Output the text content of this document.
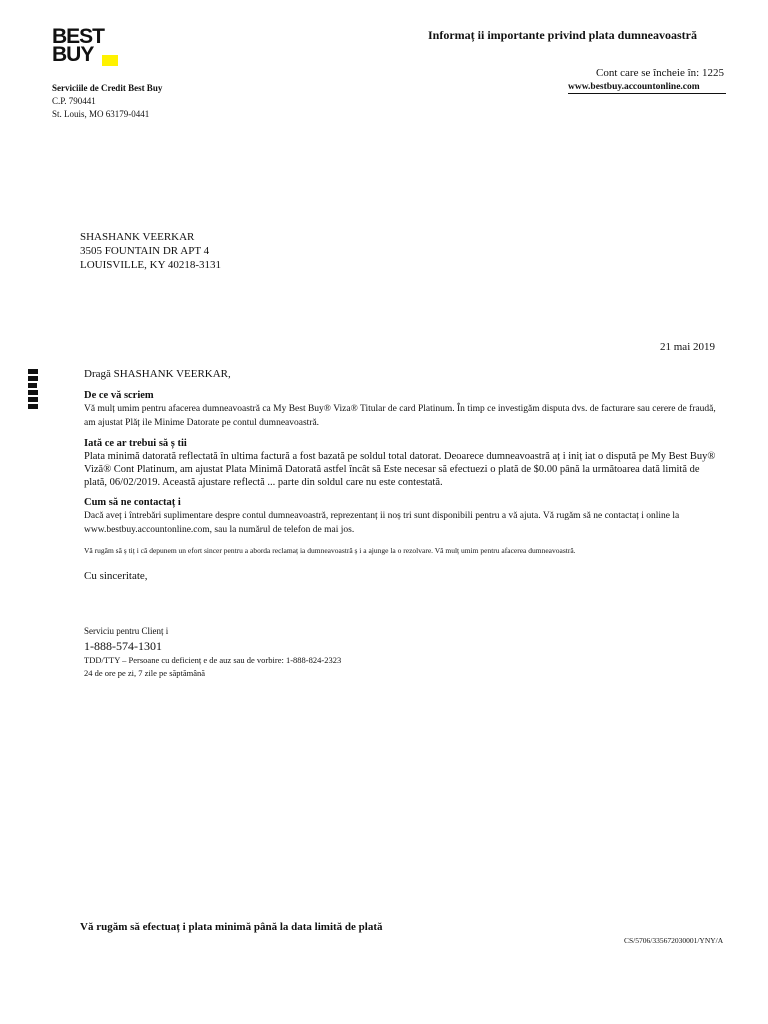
BEST
BUY
Informaț ii importante privind plata dumneavoastră
Cont care se încheie în: 1225
www.bestbuy.accountonline.com
Serviciile de Credit Best Buy
C.P. 790441
St. Louis, MO 63179-0441
SHASHANK VEERKAR
3505 FOUNTAIN DR APT 4
LOUISVILLE, KY 40218-3131
21 mai 2019
Dragă SHASHANK VEERKAR,
De ce vă scriem
Vă mulț umim pentru afacerea dumneavoastră ca My Best Buy® Viza® Titular de card Platinum. În timp ce investigăm disputa dvs. de facturare sau cerere de fraudă, am ajustat Plăț ile Minime Datorate pe contul dumneavoastră.
Iată ce ar trebui să ș tii
Plata minimă datorată reflectată în ultima factură a fost bazată pe soldul total datorat. Deoarece dumneavoastră aț i iniț iat o dispută pe My Best Buy® Viză® Cont Platinum, am ajustat Plata Minimă Datorată astfel încât să Este necesar să efectuezi o plată de $0.00 până la următoarea dată limită de plată, 06/02/2019. Această ajustare reflectă ... parte din soldul care nu este contestată.
Cum să ne contactaț i
Dacă aveț i întrebări suplimentare despre contul dumneavoastră, reprezentanț ii noș tri sunt disponibili pentru a vă ajuta. Vă rugăm să ne contactaț i online la www.bestbuy.accountonline.com, sau la numărul de telefon de mai jos.
Vă rugăm să ș tiț i că depunem un efort sincer pentru a aborda reclamaț ia dumneavoastră ș i a ajunge la o rezolvare. Vă mulț umim pentru afacerea dumneavoastră.
Cu sinceritate,
Serviciu pentru Clienț i
1-888-574-1301
TDD/TTY – Persoane cu deficienț e de auz sau de vorbire: 1-888-824-2323
24 de ore pe zi, 7 zile pe săptămână
Vă rugăm să efectuaț i plata minimă până la data limită de plată
CS/5706/335672030001/YNY/A
